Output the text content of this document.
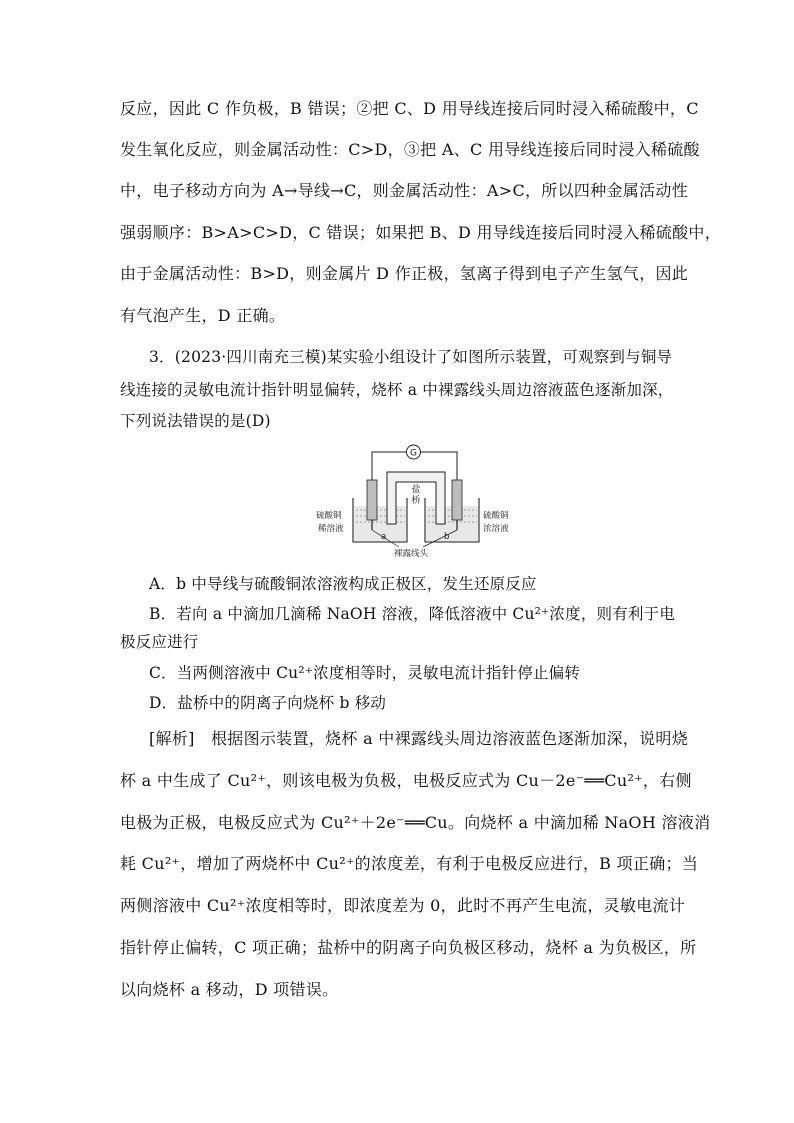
反应，因此 C 作负极，B 错误；②把 C、D 用导线连接后同时浸入稀硫酸中，C
发生氧化反应，则金属活动性：C>D，③把 A、C 用导线连接后同时浸入稀硫酸
中，电子移动方向为 A→导线→C，则金属活动性：A>C，所以四种金属活动性
强弱顺序：B>A>C>D，C 错误；如果把 B、D 用导线连接后同时浸入稀硫酸中，
由于金属活动性：B>D，则金属片 D 作正极，氢离子得到电子产生氢气，因此
有气泡产生，D 正确。
3．(2023·四川南充三模)某实验小组设计了如图所示装置，可观察到与铜导
线连接的灵敏电流计指针明显偏转，烧杯 a 中裸露线头周边溶液蓝色逐渐加深，
下列说法错误的是(D)
G
盐
桥
硫酸铜
稀溶液
硫酸铜
浓溶液
a	b
裸露线头
A．b 中导线与硫酸铜浓溶液构成正极区，发生还原反应
B．若向 a 中滴加几滴稀 NaOH 溶液，降低溶液中 Cu²⁺浓度，则有利于电
极反应进行
C．当两侧溶液中 Cu²⁺浓度相等时，灵敏电流计指针停止偏转
D．盐桥中的阴离子向烧杯 b 移动
[解析]　根据图示装置，烧杯 a 中裸露线头周边溶液蓝色逐渐加深，说明烧
杯 a 中生成了 Cu²⁺，则该电极为负极，电极反应式为 Cu－2e⁻══Cu²⁺，右侧
电极为正极，电极反应式为 Cu²⁺＋2e⁻══Cu。向烧杯 a 中滴加稀 NaOH 溶液消
耗 Cu²⁺，增加了两烧杯中 Cu²⁺的浓度差，有利于电极反应进行，B 项正确；当
两侧溶液中 Cu²⁺浓度相等时，即浓度差为 0，此时不再产生电流，灵敏电流计
指针停止偏转，C 项正确；盐桥中的阴离子向负极区移动，烧杯 a 为负极区，所
以向烧杯 a 移动，D 项错误。
